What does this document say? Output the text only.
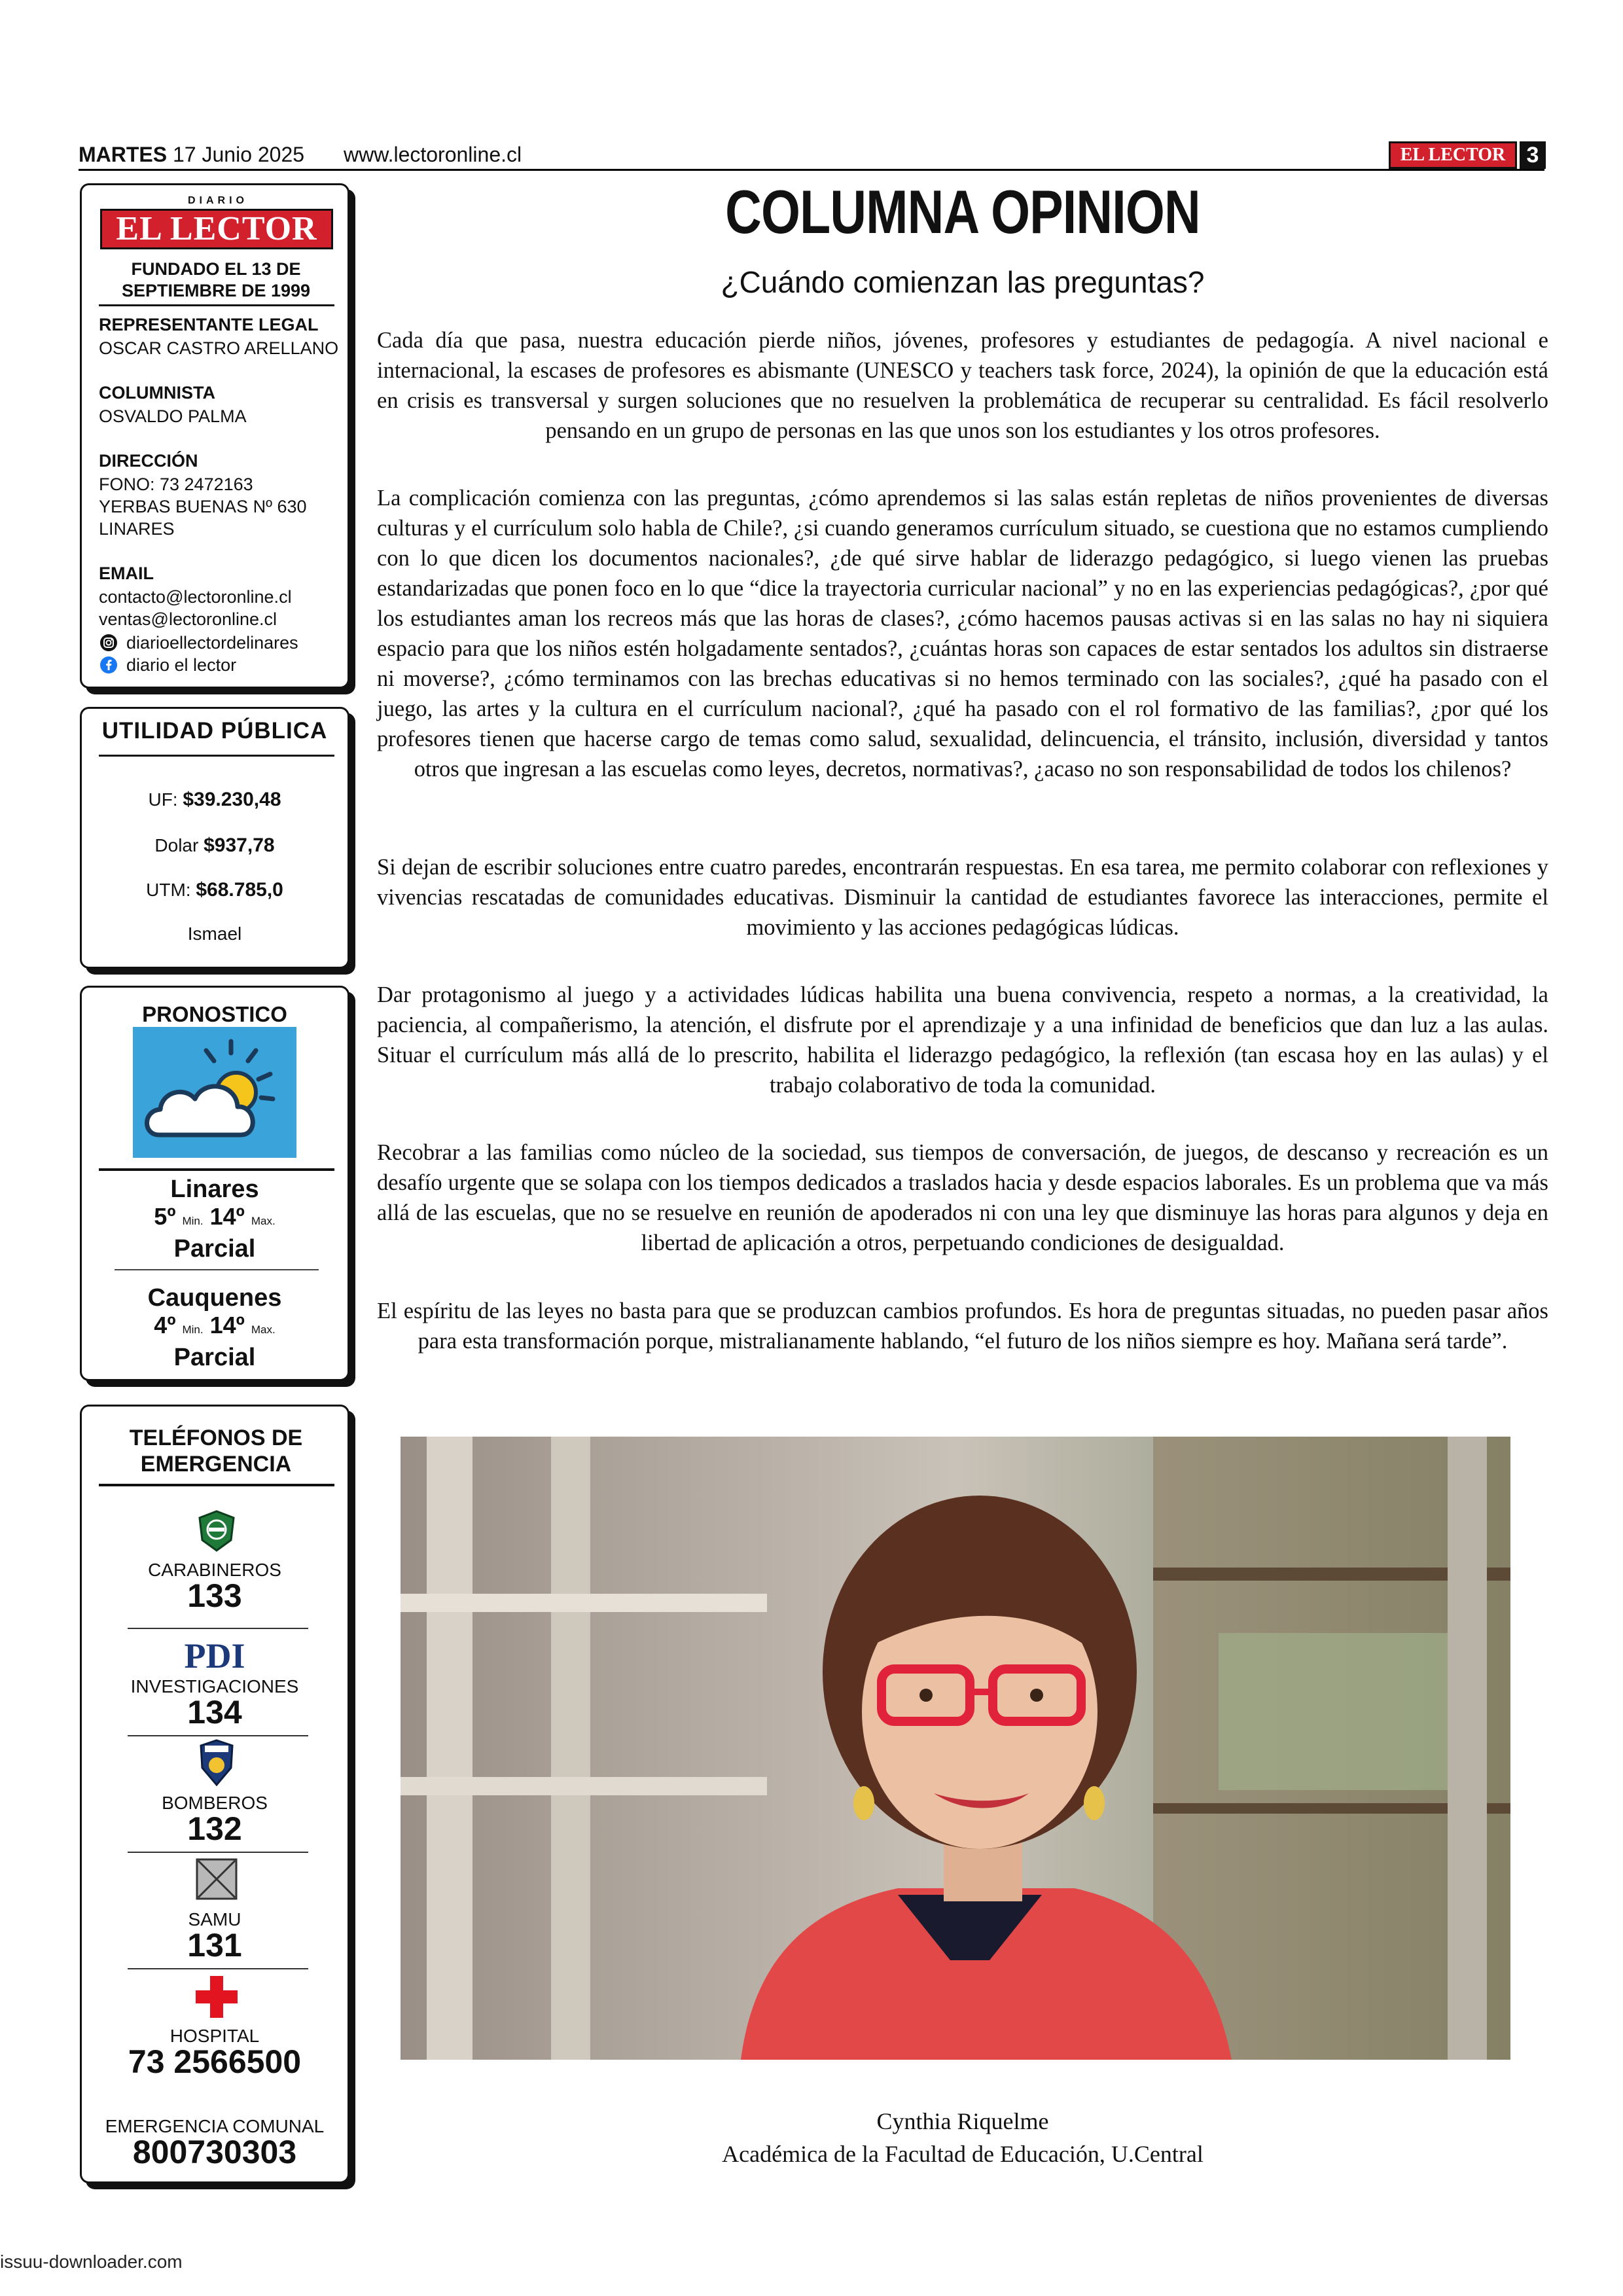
MARTES 17 Junio 2025 www.lectoronline.cl	EL LECTOR 3
EL LECTOR
DIARIO
FUNDADO EL 13 DE SEPTIEMBRE DE 1999
REPRESENTANTE LEGAL
OSCAR CASTRO ARELLANO
COLUMNISTA
OSVALDO PALMA
DIRECCIÓN
FONO: 73 2472163
YERBAS BUENAS Nº 630
LINARES
EMAIL
contacto@lectoronline.cl
ventas@lectoronline.cl
diarioellectordelinares
diario el lector
UTILIDAD PÚBLICA
UF: $39.230,48
Dolar $937,78
UTM: $68.785,0
Ismael
PRONOSTICO
Linares
5º Min. 14º Max.
Parcial
Cauquenes
4º Min. 14º Max.
Parcial
TELÉFONOS DE EMERGENCIA
CARABINEROS
133
PDI
INVESTIGACIONES
134
BOMBEROS
132
SAMU
131
HOSPITAL
73 2566500
EMERGENCIA COMUNAL
800730303
COLUMNA OPINION
¿Cuándo comienzan las preguntas?
Cada día que pasa, nuestra educación pierde niños, jóvenes, profesores y estudiantes de pedagogía. A nivel nacional e internacional, la escases de profesores es abismante (UNESCO y teachers task force, 2024), la opinión de que la educación está en crisis es transversal y surgen soluciones que no resuelven la problemática de recuperar su centralidad. Es fácil resolverlo pensando en un grupo de personas en las que unos son los estudiantes y los otros profesores.
La complicación comienza con las preguntas, ¿cómo aprendemos si las salas están repletas de niños provenientes de diversas culturas y el currículum solo habla de Chile?, ¿si cuando generamos currículum situado, se cuestiona que no estamos cumpliendo con lo que dicen los documentos nacionales?, ¿de qué sirve hablar de liderazgo pedagógico, si luego vienen las pruebas estandarizadas que ponen foco en lo que “dice la trayectoria curricular nacional” y no en las experiencias pedagógicas?, ¿por qué los estudiantes aman los recreos más que las horas de clases?, ¿cómo hacemos pausas activas si en las salas no hay ni siquiera espacio para que los niños estén holgadamente sentados?, ¿cuántas horas son capaces de estar sentados los adultos sin distraerse ni moverse?, ¿cómo terminamos con las brechas educativas si no hemos terminado con las sociales?, ¿qué ha pasado con el juego, las artes y la cultura en el currículum nacional?, ¿qué ha pasado con el rol formativo de las familias?, ¿por qué los profesores tienen que hacerse cargo de temas como salud, sexualidad, delincuencia, el tránsito, inclusión, diversidad y tantos otros que ingresan a las escuelas como leyes, decretos, normativas?, ¿acaso no son responsabilidad de todos los chilenos?
Si dejan de escribir soluciones entre cuatro paredes, encontrarán respuestas. En esa tarea, me permito colaborar con reflexiones y vivencias rescatadas de comunidades educativas. Disminuir la cantidad de estudiantes favorece las interacciones, permite el movimiento y las acciones pedagógicas lúdicas.
Dar protagonismo al juego y a actividades lúdicas habilita una buena convivencia, respeto a normas, a la creatividad, la paciencia, al compañerismo, la atención, el disfrute por el aprendizaje y a una infinidad de beneficios que dan luz a las aulas. Situar el currículum más allá de lo prescrito, habilita el liderazgo pedagógico, la reflexión (tan escasa hoy en las aulas) y el trabajo colaborativo de toda la comunidad.
Recobrar a las familias como núcleo de la sociedad, sus tiempos de conversación, de juegos, de descanso y recreación es un desafío urgente que se solapa con los tiempos dedicados a traslados hacia y desde espacios laborales. Es un problema que va más allá de las escuelas, que no se resuelve en reunión de apoderados ni con una ley que disminuye las horas para algunos y deja en libertad de aplicación a otros, perpetuando condiciones de desigualdad.
El espíritu de las leyes no basta para que se produzcan cambios profundos. Es hora de preguntas situadas, no pueden pasar años para esta transformación porque, mistralianamente hablando, “el futuro de los niños siempre es hoy. Mañana será tarde”.
Cynthia Riquelme
Académica de la Facultad de Educación, U.Central
issuu-downloader.com
